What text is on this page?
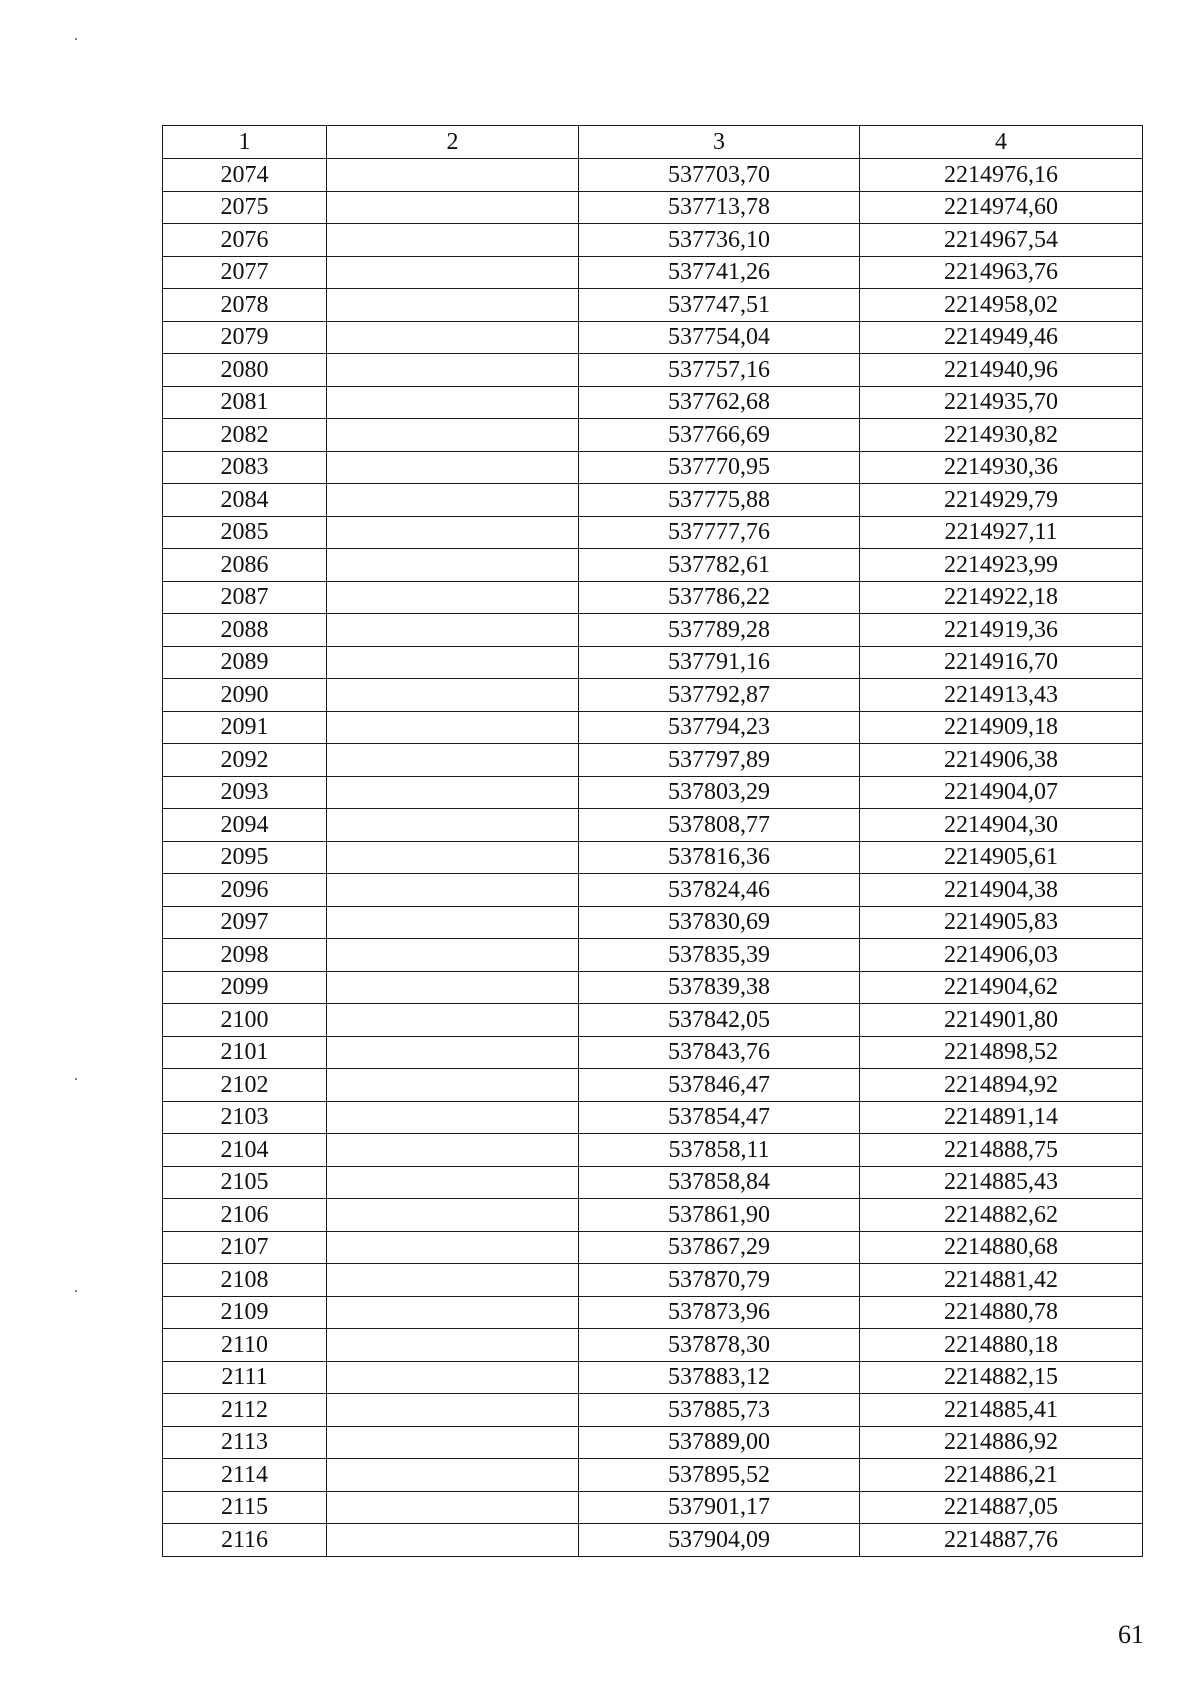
1	2	3	4
2074		537703,70	2214976,16
2075		537713,78	2214974,60
2076		537736,10	2214967,54
2077		537741,26	2214963,76
2078		537747,51	2214958,02
2079		537754,04	2214949,46
2080		537757,16	2214940,96
2081		537762,68	2214935,70
2082		537766,69	2214930,82
2083		537770,95	2214930,36
2084		537775,88	2214929,79
2085		537777,76	2214927,11
2086		537782,61	2214923,99
2087		537786,22	2214922,18
2088		537789,28	2214919,36
2089		537791,16	2214916,70
2090		537792,87	2214913,43
2091		537794,23	2214909,18
2092		537797,89	2214906,38
2093		537803,29	2214904,07
2094		537808,77	2214904,30
2095		537816,36	2214905,61
2096		537824,46	2214904,38
2097		537830,69	2214905,83
2098		537835,39	2214906,03
2099		537839,38	2214904,62
2100		537842,05	2214901,80
2101		537843,76	2214898,52
2102		537846,47	2214894,92
2103		537854,47	2214891,14
2104		537858,11	2214888,75
2105		537858,84	2214885,43
2106		537861,90	2214882,62
2107		537867,29	2214880,68
2108		537870,79	2214881,42
2109		537873,96	2214880,78
2110		537878,30	2214880,18
2111		537883,12	2214882,15
2112		537885,73	2214885,41
2113		537889,00	2214886,92
2114		537895,52	2214886,21
2115		537901,17	2214887,05
2116		537904,09	2214887,76
61
